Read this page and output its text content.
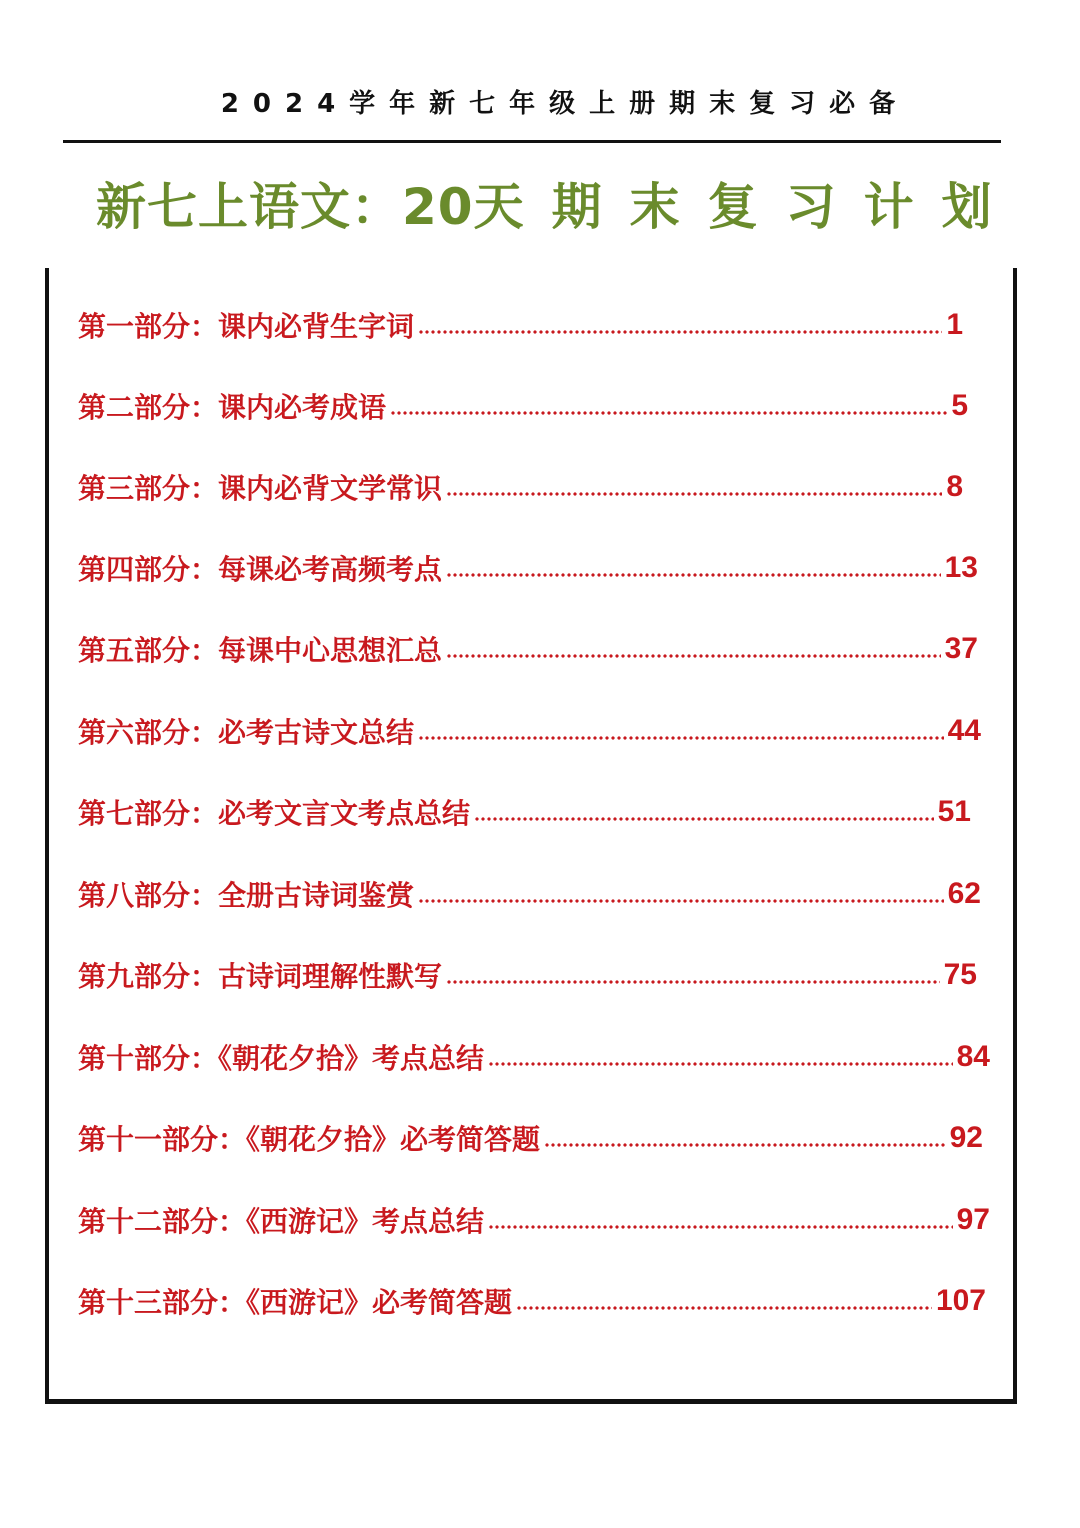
2024学年新七年级上册期末复习必备
新七上语文：20天期末复习计划
第一部分：课内必背生字词	1
第二部分：课内必考成语	5
第三部分：课内必背文学常识	8
第四部分：每课必考高频考点	13
第五部分：每课中心思想汇总	37
第六部分：必考古诗文总结	44
第七部分：必考文言文考点总结	51
第八部分：全册古诗词鉴赏	62
第九部分：古诗词理解性默写	75
第十部分：《朝花夕拾》考点总结	84
第十一部分：《朝花夕拾》必考简答题	92
第十二部分：《西游记》考点总结	97
第十三部分：《西游记》必考简答题	107
